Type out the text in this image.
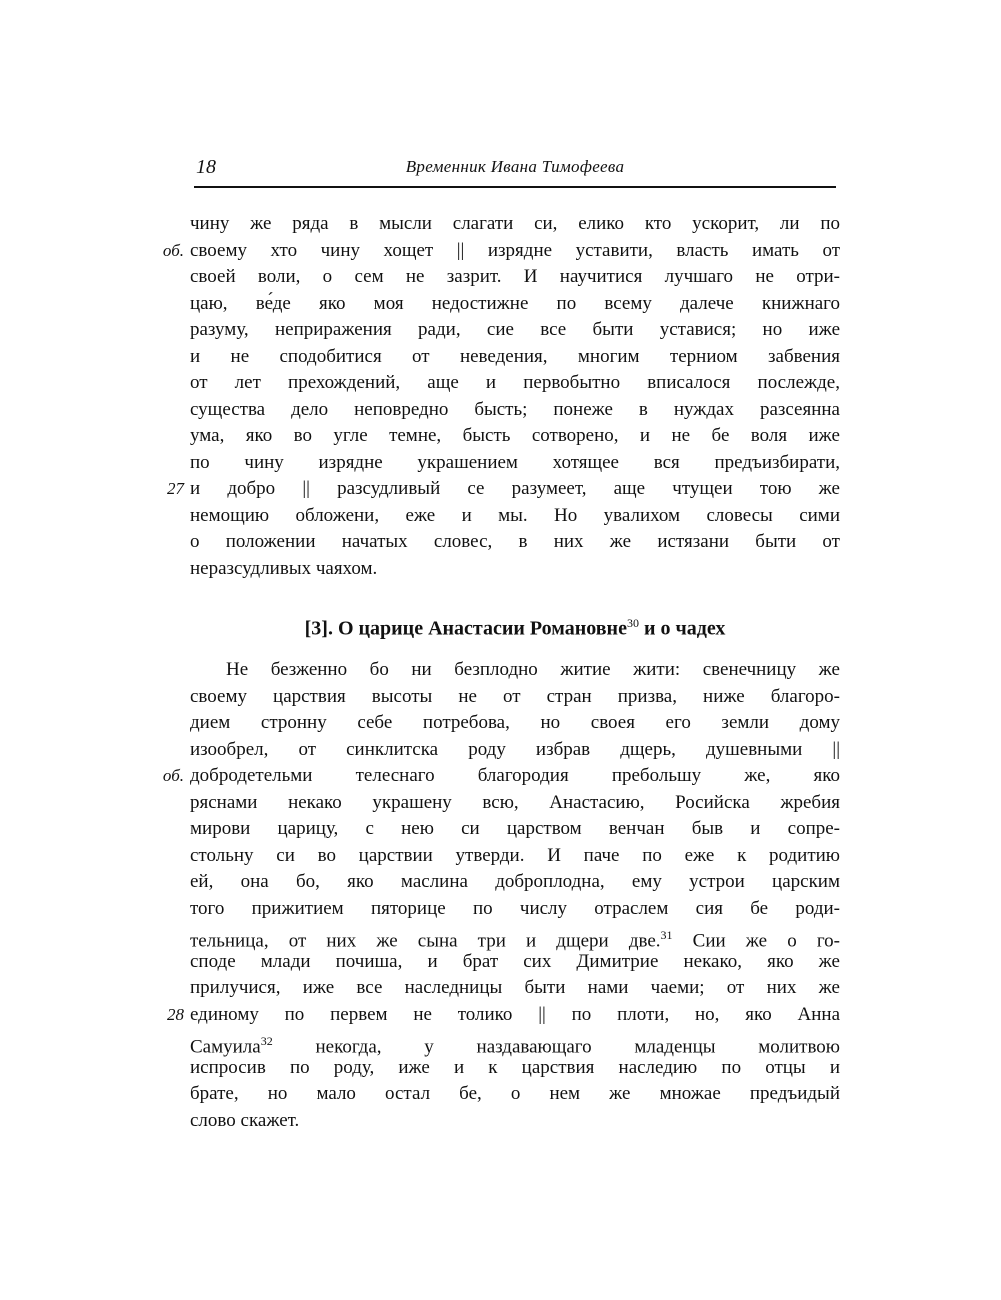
18	Временник Ивана Тимофеева
чину же ряда в мысли слагати си, елико кто ускорит, ли по
об. своему хто чину хощет || изрядне уставити, власть имать от
своей воли, о сем не зазрит. И научитися лучшаго не отри-
цаю, ве́де яко моя недостижне по всему далече книжнаго
разуму, неприражения ради, сие все быти уставися; но иже
и не сподобитися от неведения, многим терниом забвения
от лет прехождений, аще и первобытно вписалося послежде,
существа дело неповредно бысть; понеже в нуждах разсеянна
ума, яко во угле темне, бысть сотворено, и не бе воля иже
по чину изрядне украшением хотящее вся предъизбирати,
27 и добро || разсудливый се разумеет, аще чтущеи тою же
немощию обложени, еже и мы. Но увалихом словесы сими
о положении начатых словес, в них же истязани быти от
неразсудливых чаяхом.
[3]. О царице Анастасии Романовне$^{30}$ и о чадех
Не безженно бо ни безплодно житие жити: свенечницу же
своему царствия высоты не от стран призва, ниже благоро-
дием стронну себе потребова, но своея его земли дому
изообрел, от синклитска роду избрав дщерь, душевными ||
об. добродетельми телеснаго благородия пребольшу же, яко
ряснами некако украшену всю, Анастасию, Росийска жребия
мирови царицу, с нею си царством венчан быв и сопре-
стольну си во царствии утверди. И паче по еже к родитию
ей, она бо, яко маслина доброплодна, ему устрои царским
того прижитием пяторице по числу отраслем сия бе роди-
тельница, от них же сына три и дщери две.$^{31}$ Сии же о го-
сподe млади почиша, и брат сих Димитрие некако, яко же
прилучися, иже все наследницы быти нами чаеми; от них же
28 единому по первем не толико || по плоти, но, яко Анна
Самуила$^{32}$ некогда, у наздавающаго младенцы молитвою
испросив по роду, иже и к царствия наследию по отцы и
брате, но мало остал бе, о нем же множае предъидый
слово скажет.
